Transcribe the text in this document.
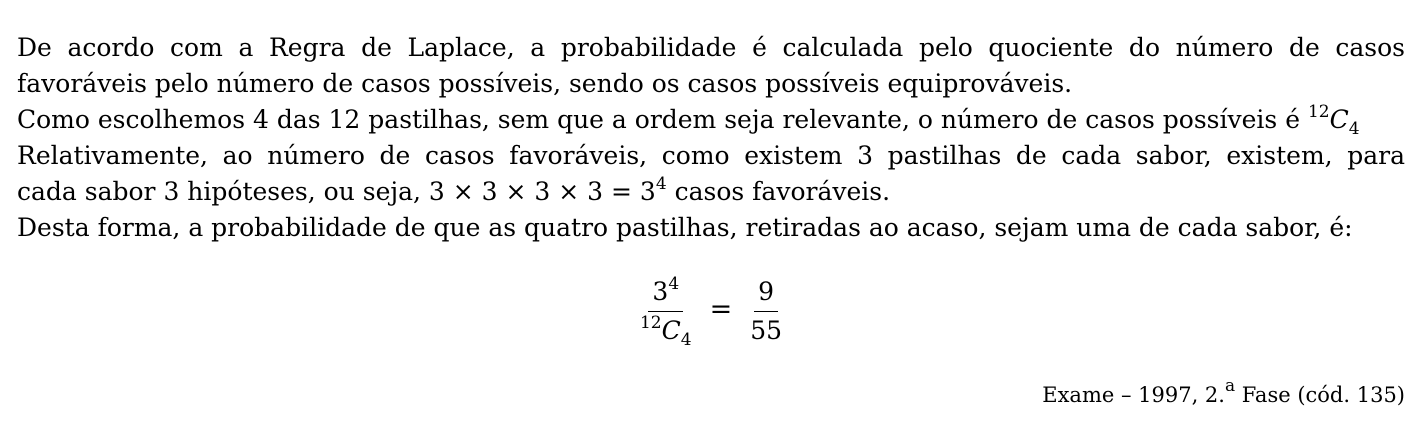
De acordo com a Regra de Laplace, a probabilidade é calculada pelo quociente do número de casos
favoráveis pelo número de casos possíveis, sendo os casos possíveis equiprováveis.

Como escolhemos 4 das 12 pastilhas, sem que a ordem seja relevante, o número de casos possíveis é $^{12}C_4$

Relativamente, ao número de casos favoráveis, como existem 3 pastilhas de cada sabor, existem, para
cada sabor 3 hipóteses, ou seja, $3 \times 3 \times 3 \times 3 = 3^4$ casos favoráveis.

Desta forma, a probabilidade de que as quatro pastilhas, retiradas ao acaso, sejam uma de cada sabor, é:

$\frac{3^4}{^{12}C_4} = \frac{9}{55}$
Exame – 1997, 2.$^a$ Fase (cód. 135)
